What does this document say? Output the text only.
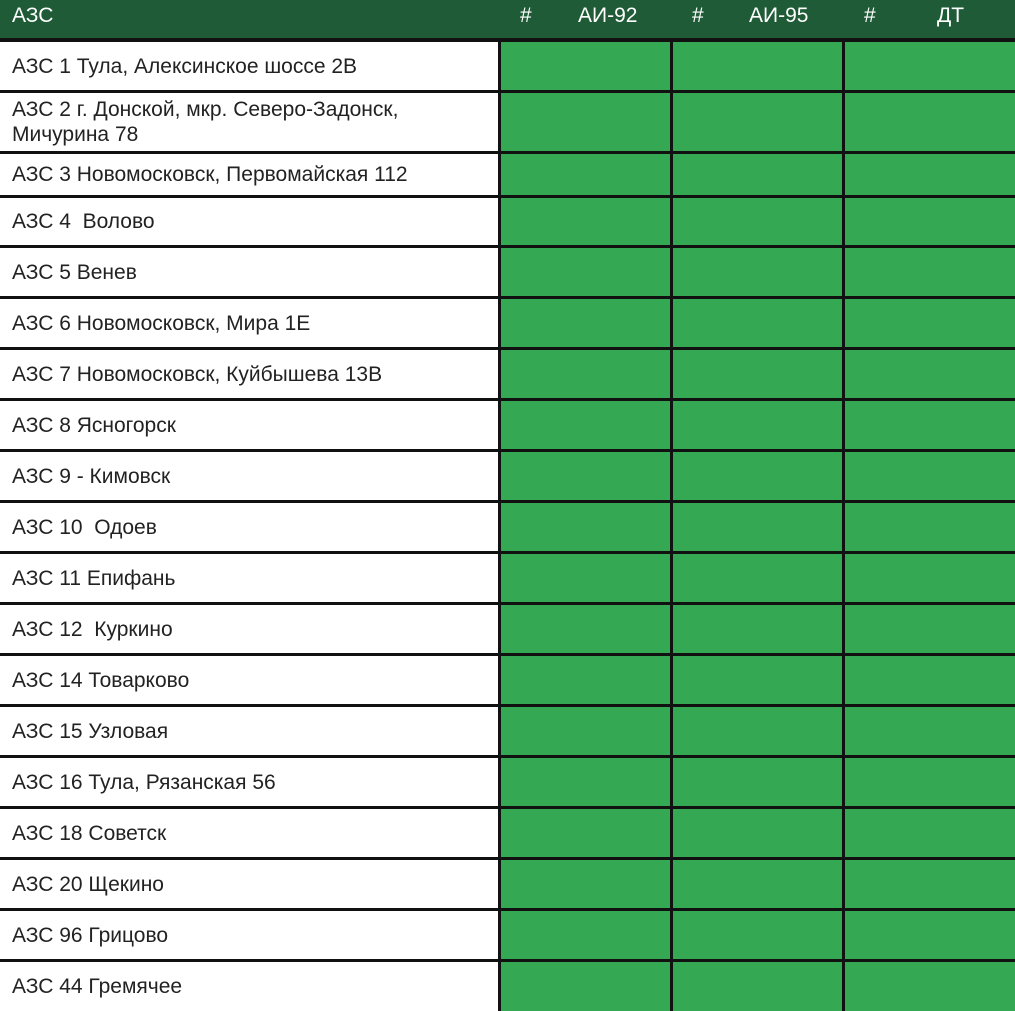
АЗС	# АИ-92	# АИ-95	#	ДТ
АЗС 1 Тула, Алексинское шоссе 2В
АЗС 2 г. Донской, мкр. Северо-Задонск, Мичурина 78
АЗС 3 Новомосковск, Первомайская 112
АЗС 4  Волово
АЗС 5 Венев
АЗС 6 Новомосковск, Мира 1Е
АЗС 7 Новомосковск, Куйбышева 13В
АЗС 8 Ясногорск
АЗС 9 - Кимовск
АЗС 10  Одоев
АЗС 11 Епифань
АЗС 12  Куркино
АЗС 14 Товарково
АЗС 15 Узловая
АЗС 16 Тула, Рязанская 56
АЗС 18 Советск
АЗС 20 Щекино
АЗС 96 Грицово
АЗС 44 Гремячее
